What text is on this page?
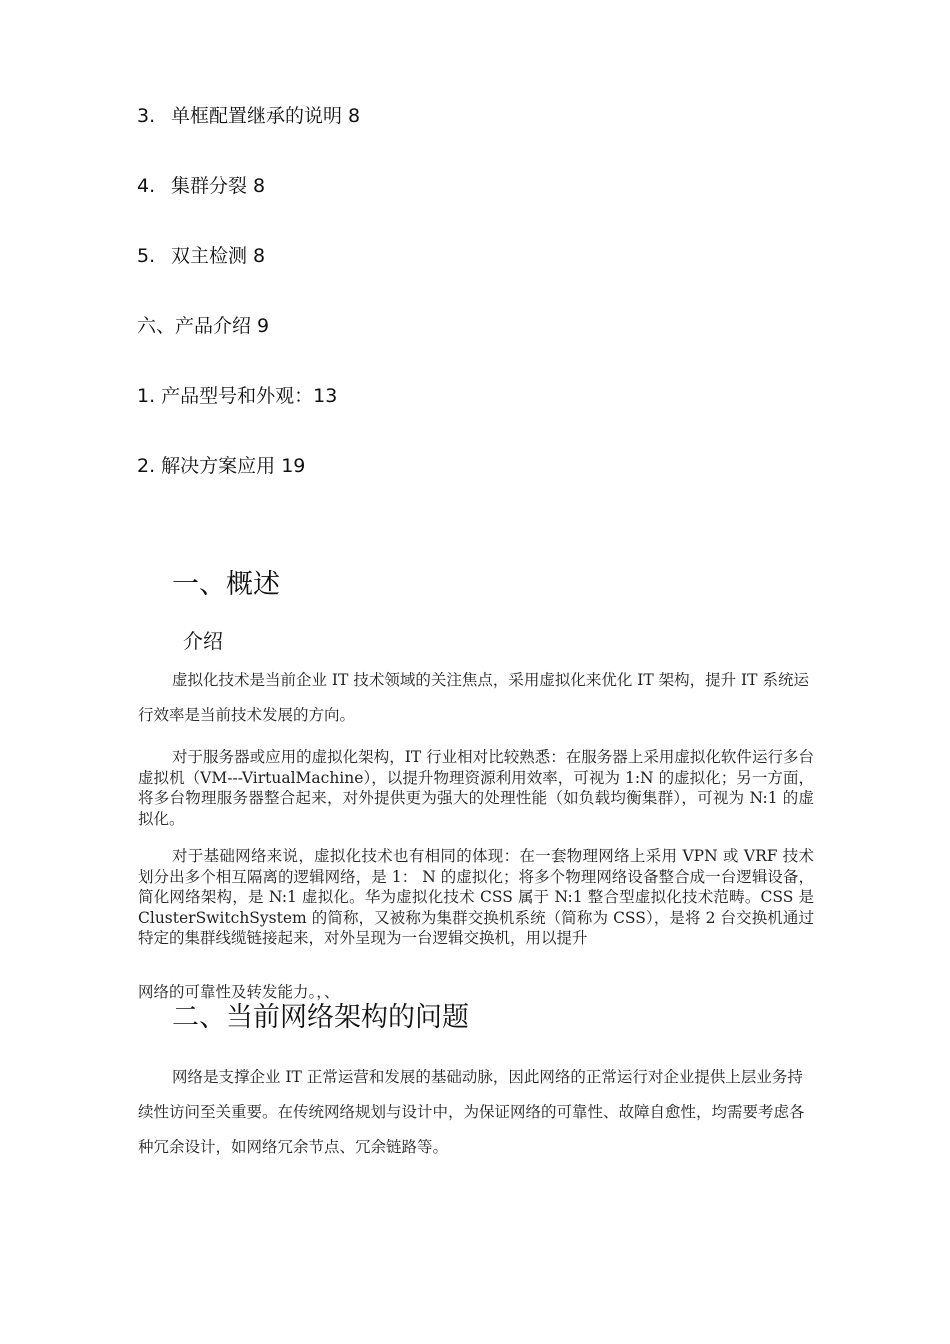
3. 单框配置继承的说明 8
4. 集群分裂 8
5. 双主检测 8
六、产品介绍 9
1. 产品型号和外观：13
2. 解决方案应用 19
一、概述
介绍

虚拟化技术是当前企业 IT 技术领域的关注焦点，采用虚拟化来优化 IT 架构，提升 IT 系统运行效率是当前技术发展的方向。

对于服务器或应用的虚拟化架构，IT 行业相对比较熟悉：在服务器上采用虚拟化软件运行多台虚拟机（VM---VirtualMachine），以提升物理资源利用效率，可视为 1:N 的虚拟化；另一方面，将多台物理服务器整合起来，对外提供更为强大的处理性能（如负载均衡集群），可视为 N:1 的虚拟化。

对于基础网络来说，虚拟化技术也有相同的体现：在一套物理网络上采用 VPN 或 VRF 技术划分出多个相互隔离的逻辑网络，是 1： N 的虚拟化；将多个物理网络设备整合成一台逻辑设备，简化网络架构，是 N:1 虚拟化。华为虚拟化技术 CSS 属于 N:1 整合型虚拟化技术范畴。CSS 是 ClusterSwitchSystem 的简称，又被称为集群交换机系统（简称为 CSS），是将 2 台交换机通过特定的集群线缆链接起来，对外呈现为一台逻辑交换机，用以提升

网络的可靠性及转发能力。，、
二、当前网络架构的问题

网络是支撑企业 IT 正常运营和发展的基础动脉，因此网络的正常运行对企业提供上层业务持续性访问至关重要。在传统网络规划与设计中，为保证网络的可靠性、故障自愈性，均需要考虑各种冗余设计，如网络冗余节点、冗余链路等。
